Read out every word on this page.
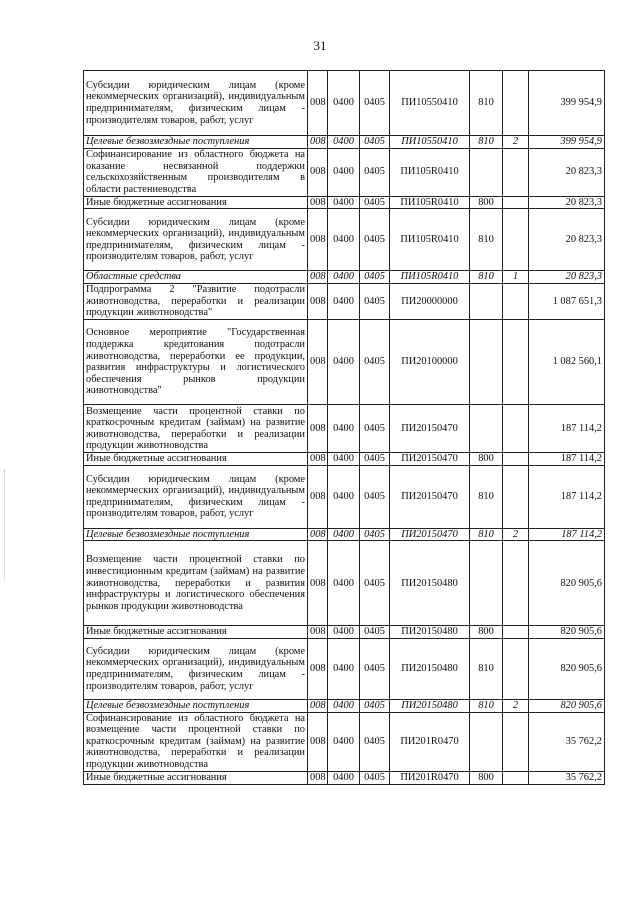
31
Субсидии юридическим лицам (кроме некоммерческих организаций), индивидуальным предпринимателям, физическим лицам - производителям товаров, работ, услуг	008	0400	0405	ПИ10550410	810		399 954,9
Целевые безвозмездные поступления	008	0400	0405	ПИ10550410	810	2	399 954,9
Софинансирование из областного бюджета на оказание несвязанной поддержки сельскохозяйственным производителям в области растениеводства	008	0400	0405	ПИ105R0410			20 823,3
Иные бюджетные ассигнования	008	0400	0405	ПИ105R0410	800		20 823,3
Субсидии юридическим лицам (кроме некоммерческих организаций), индивидуальным предпринимателям, физическим лицам - производителям товаров, работ, услуг	008	0400	0405	ПИ105R0410	810		20 823,3
Областные средства	008	0400	0405	ПИ105R0410	810	1	20 823,3
Подпрограмма 2 "Развитие подотрасли животноводства, переработки и реализации продукции животноводства"	008	0400	0405	ПИ20000000			1 087 651,3
Основное мероприятие "Государственная поддержка кредитования подотрасли животноводства, переработки ее продукции, развития инфраструктуры и логистического обеспечения рынков продукции животноводства"	008	0400	0405	ПИ20100000			1 082 560,1
Возмещение части процентной ставки по краткосрочным кредитам (займам) на развитие животноводства, переработки и реализации продукции животноводства	008	0400	0405	ПИ20150470			187 114,2
Иные бюджетные ассигнования	008	0400	0405	ПИ20150470	800		187 114,2
Субсидии юридическим лицам (кроме некоммерческих организаций), индивидуальным предпринимателям, физическим лицам - производителям товаров, работ, услуг	008	0400	0405	ПИ20150470	810		187 114,2
Целевые безвозмездные поступления	008	0400	0405	ПИ20150470	810	2	187 114,2
Возмещение части процентной ставки по инвестиционным кредитам (займам) на развитие животноводства, переработки и развития инфраструктуры и логистического обеспечения рынков продукции животноводства	008	0400	0405	ПИ20150480			820 905,6
Иные бюджетные ассигнования	008	0400	0405	ПИ20150480	800		820 905,6
Субсидии юридическим лицам (кроме некоммерческих организаций), индивидуальным предпринимателям, физическим лицам - производителям товаров, работ, услуг	008	0400	0405	ПИ20150480	810		820 905,6
Целевые безвозмездные поступления	008	0400	0405	ПИ20150480	810	2	820 905,6
Софинансирование из областного бюджета на возмещение части процентной ставки по краткосрочным кредитам (займам) на развитие животноводства, переработки и реализации продукции животноводства	008	0400	0405	ПИ201R0470			35 762,2
Иные бюджетные ассигнования	008	0400	0405	ПИ201R0470	800		35 762,2
